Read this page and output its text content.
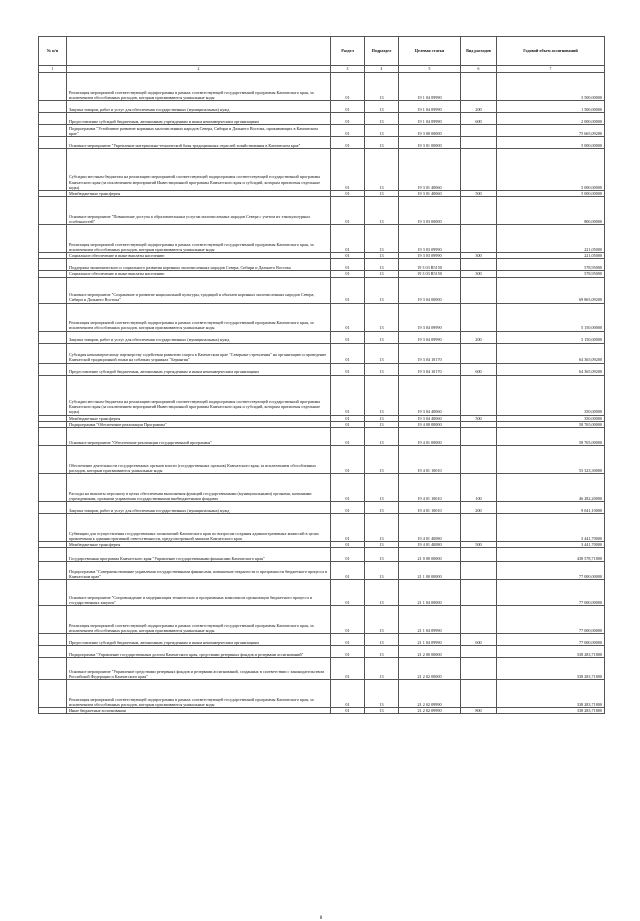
№ п/п		Раздел	Подраздел	Целевая статья	Вид расходов	Годовой объем ассигнований
1	2	3	4	5	6	7
	Реализация мероприятий соответствующей подпрограммы в рамках соответствующей государственной программы Камчатского края, за исключением обособленных расходов, которым присваиваются уникальные коды	01	13	19 1 04 09990		3 500,00000
	Закупка товаров, работ и услуг для обеспечения государственных (муниципальных) нужд	01	13	19 1 04 09990	200	1 500,00000
	Предоставление субсидий бюджетным, автономным учреждениям и иным некоммерческим организациям	01	13	19 1 04 09990	600	2 000,00000
	Подпрограмма "Устойчивое развитие коренных малочисленных народов Севера, Сибири и Дальнего Востока, проживающих в Камчатском крае"	01	13	19 3 00 00000		75 665,09200
	Основное мероприятие "Укрепление материально-технической базы традиционных отраслей хозяйствования в Камчатском крае"	01	13	19 3 01 00000		5 000,00000
	Субсидии местным бюджетам на реализацию мероприятий соответствующей подпрограммы соответствующей государственной программы Камчатского края (за исключением мероприятий Инвестиционной программы Камчатского края и субсидий, которым присвоены отдельные коды)	01	13	19 3 01 40060		5 000,00000
	Межбюджетные трансферты	01	13	19 3 01 40060	500	5 000,00000
	Основное мероприятие "Повышение доступа к образовательным услугам малочисленных народов Севера с учетом их этнокультурных особенностей"	01	13	19 3 03 00000		800,00000
	Реализация мероприятий соответствующей подпрограммы в рамках соответствующей государственной программы Камчатского края, за исключением обособленных расходов, которым присваиваются уникальные коды	01	13	19 3 03 09990		221,05000
	Социальное обеспечение и иные выплаты населению	01	13	19 3 03 09990	300	221,05000
	Поддержка экономического и социального развития коренных малочисленных народов Севера, Сибири и Дальнего Востока	01	13	19 3 03 R5150		578,95000
	Социальное обеспечение и иные выплаты населению	01	13	19 3 03 R5150	300	578,95000
	Основное мероприятие "Сохранение и развитие национальной культуры, традиций и обычаев коренных малочисленных народов Севера, Сибири и Дальнего Востока"	01	13	19 3 04 00000		69 865,09200
	Реализация мероприятий соответствующей подпрограммы в рамках соответствующей государственной программы Камчатского края, за исключением обособленных расходов, которым присваиваются уникальные коды	01	13	19 3 04 09990		5 150,00000
	Закупка товаров, работ и услуг для обеспечения государственных (муниципальных) нужд	01	13	19 3 04 09990	200	5 150,00000
	Субсидия некоммерческому партнерству содействия развитию спорта в Камчатском крае "Северные стремления" на организацию и проведение Камчатской традиционной гонки на собачьих упряжках "Берингия"	01	13	19 3 04 10170		64 365,09200
	Предоставление субсидий бюджетным, автономным учреждениям и иным некоммерческим организациям	01	13	19 3 04 10170	600	64 365,09200
	Субсидии местным бюджетам на реализацию мероприятий соответствующей подпрограммы соответствующей государственной программы Камчатского края (за исключением мероприятий Инвестиционной программы Камчатского края и субсидий, которым присвоены отдельные коды)	01	13	19 3 04 40060		350,00000
	Межбюджетные трансферты	01	13	19 3 04 40060	500	350,00000
	Подпрограмма "Обеспечение реализации Программы"	01	13	19 4 00 00000		58 765,00000
	Основное мероприятие "Обеспечение реализации государственной программы"	01	13	19 4 01 00000		58 765,00000
	Обеспечение деятельности государственных органов власти (государственных органов) Камчатского края, за исключением обособленных расходов, которым присваиваются уникальные коды	01	13	19 4 01 10010		55 323,30000
	Расходы на выплаты персоналу в целях обеспечения выполнения функций государственными (муниципальными) органами, казенными учреждениями, органами управления государственными внебюджетными фондами	01	13	19 4 01 10010	100	46 282,20000
	Закупка товаров, работ и услуг для обеспечения государственных (муниципальных) нужд	01	13	19 4 01 10010	200	9 041,10000
	Субвенции для осуществления государственных полномочий Камчатского края по вопросам создания административных комиссий в целях привлечения к административной ответственности, предусмотренной законом Камчатского края	01	13	19 4 01 40080		3 441,70000
	Межбюджетные трансферты	01	13	19 4 01 40080	500	3 441,70000
	Государственная программа Камчатского края "Управление государственными финансами Камчатского края"	01	13	21 0 00 00000		438 578,71800
	Подпрограмма "Совершенствование управления государственными финансами, повышение открытости и прозрачности бюджетного процесса в Камчатском крае"	01	13	21 1 00 00000		77 000,00000
	Основное мероприятие "Сопровождение и модернизация технических и программных комплексов организации бюджетного процесса и государственных закупок"	01	13	21 1 04 00000		77 000,00000
	Реализация мероприятий соответствующей подпрограммы в рамках соответствующей государственной программы Камчатского края, за исключением обособленных расходов, которым присваиваются уникальные коды	01	13	21 1 04 09990		77 000,00000
	Предоставление субсидий бюджетным, автономным учреждениям и иным некоммерческим организациям	01	13	21 1 04 09990	600	77 000,00000
	Подпрограмма "Управление государственным долгом Камчатского края, средствами резервных фондов и резервами ассигнований"	01	13	21 2 00 00000		338 283,71800
	Основное мероприятие "Управление средствами резервных фондов и резервами ассигнований, созданных в соответствии с законодательством Российской Федерации и Камчатского края"	01	13	21 2 02 00000		338 283,71800
	Реализация мероприятий соответствующей подпрограммы в рамках соответствующей государственной программы Камчатского края, за исключением обособленных расходов, которым присваиваются уникальные коды	01	13	21 2 02 09990		338 283,71800
	Иные бюджетные ассигнования	01	13	21 2 02 09990	800	338 283,71800
8
